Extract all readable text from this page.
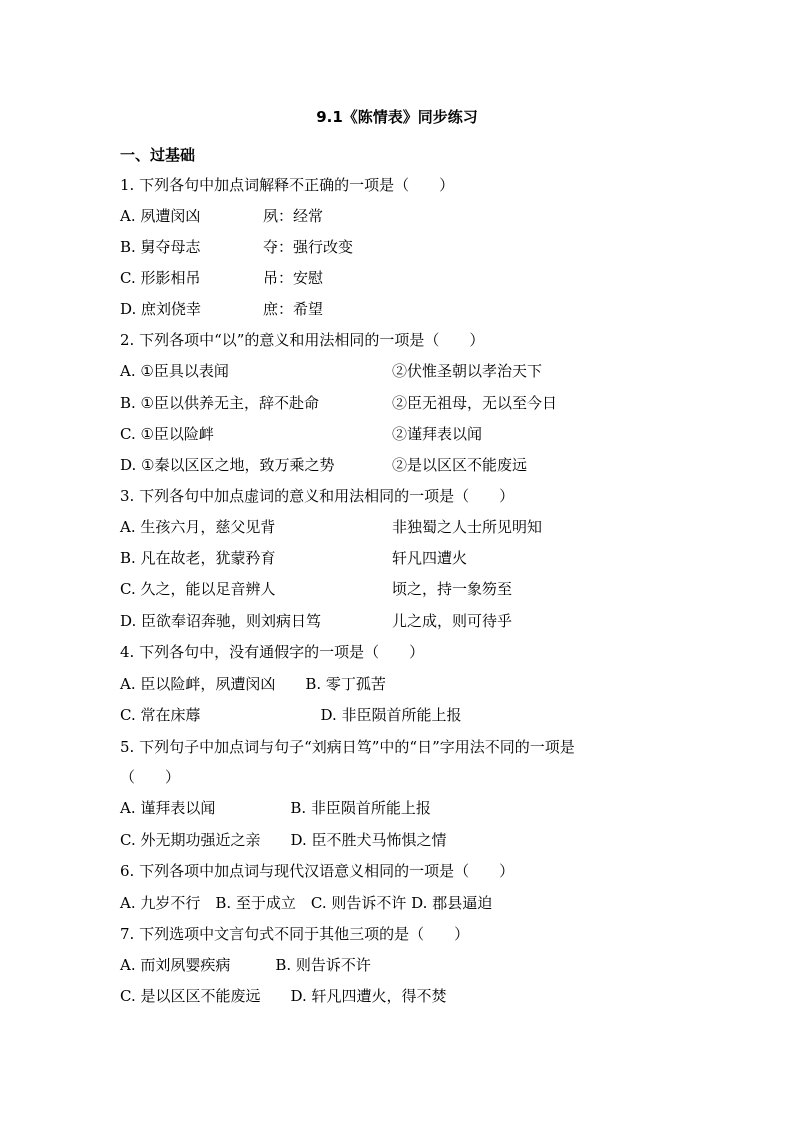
9.1《陈情表》同步练习
一、过基础
1. 下列各句中加点词解释不正确的一项是（　　）
A. 夙遭闵凶	夙：经常
B. 舅夺母志	夺：强行改变
C. 形影相吊	吊：安慰
D. 庶刘侥幸	庶：希望
2. 下列各项中“以”的意义和用法相同的一项是（　　）
A. ①臣具以表闻	②伏惟圣朝以孝治天下
B. ①臣以供养无主，辞不赴命	②臣无祖母，无以至今日
C. ①臣以险衅	②谨拜表以闻
D. ①秦以区区之地，致万乘之势	②是以区区不能废远
3. 下列各句中加点虚词的意义和用法相同的一项是（　　）
A. 生孩六月，慈父见背	非独蜀之人士所见明知
B. 凡在故老，犹蒙矜育	轩凡四遭火
C. 久之，能以足音辨人	顷之，持一象笏至
D. 臣欲奉诏奔驰，则刘病日笃	儿之成，则可待乎
4. 下列各句中，没有通假字的一项是（　　）
A. 臣以险衅，夙遭闵凶　　B. 零丁孤苦
C. 常在床蓐　　　　　　　　D. 非臣陨首所能上报
5. 下列句子中加点词与句子“刘病日笃”中的“日”字用法不同的一项是
（　　）
A. 谨拜表以闻　　　　　B. 非臣陨首所能上报
C. 外无期功强近之亲　　D. 臣不胜犬马怖惧之情
6. 下列各项中加点词与现代汉语意义相同的一项是（　　）
A. 九岁不行　B. 至于成立　C. 则告诉不许 D. 郡县逼迫
7. 下列选项中文言句式不同于其他三项的是（　　）
A. 而刘夙婴疾病　　　B. 则告诉不许
C. 是以区区不能废远　　D. 轩凡四遭火，得不焚
